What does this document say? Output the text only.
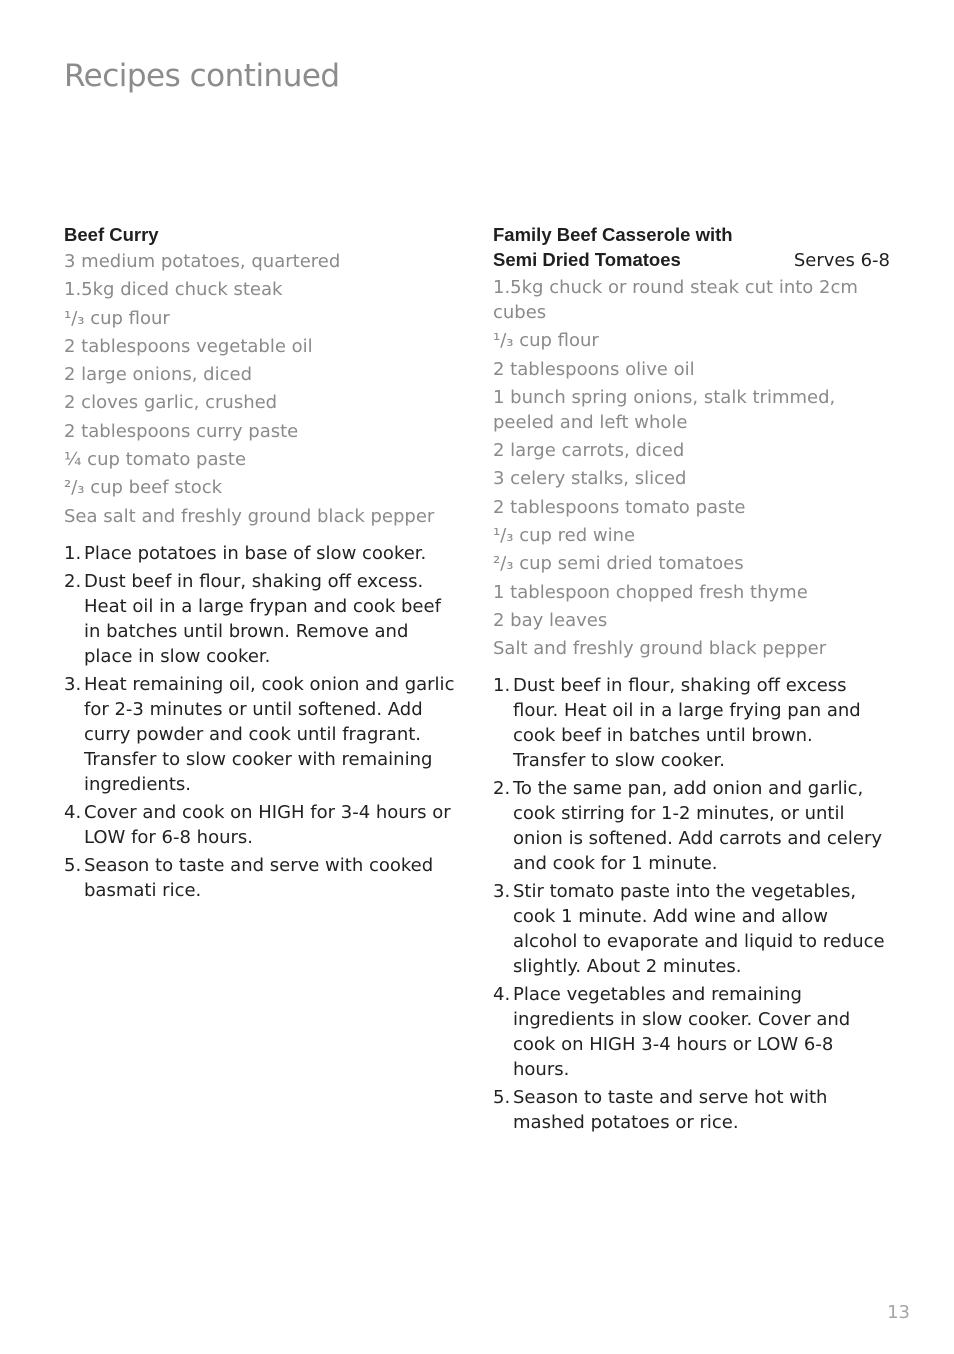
Recipes continued
Beef Curry
3 medium potatoes, quartered
1.5kg diced chuck steak
¹/₃ cup flour
2 tablespoons vegetable oil
2 large onions, diced
2 cloves garlic, crushed
2 tablespoons curry paste
¼ cup tomato paste
²/₃ cup beef stock
Sea salt and freshly ground black pepper
1. Place potatoes in base of slow cooker.
2. Dust beef in flour, shaking off excess. Heat oil in a large frypan and cook beef in batches until brown. Remove and place in slow cooker.
3. Heat remaining oil, cook onion and garlic for 2-3 minutes or until softened. Add curry powder and cook until fragrant. Transfer to slow cooker with remaining ingredients.
4. Cover and cook on HIGH for 3-4 hours or LOW for 6-8 hours.
5. Season to taste and serve with cooked basmati rice.
Family Beef Casserole with
Semi Dried Tomatoes	Serves 6-8
1.5kg chuck or round steak cut into 2cm cubes
¹/₃ cup flour
2 tablespoons olive oil
1 bunch spring onions, stalk trimmed, peeled and left whole
2 large carrots, diced
3 celery stalks, sliced
2 tablespoons tomato paste
¹/₃ cup red wine
²/₃ cup semi dried tomatoes
1 tablespoon chopped fresh thyme
2 bay leaves
Salt and freshly ground black pepper
1. Dust beef in flour, shaking off excess flour. Heat oil in a large frying pan and cook beef in batches until brown. Transfer to slow cooker.
2. To the same pan, add onion and garlic, cook stirring for 1-2 minutes, or until onion is softened. Add carrots and celery and cook for 1 minute.
3. Stir tomato paste into the vegetables, cook 1 minute. Add wine and allow alcohol to evaporate and liquid to reduce slightly. About 2 minutes.
4. Place vegetables and remaining ingredients in slow cooker. Cover and cook on HIGH 3-4 hours or LOW 6-8 hours.
5. Season to taste and serve hot with mashed potatoes or rice.
13
